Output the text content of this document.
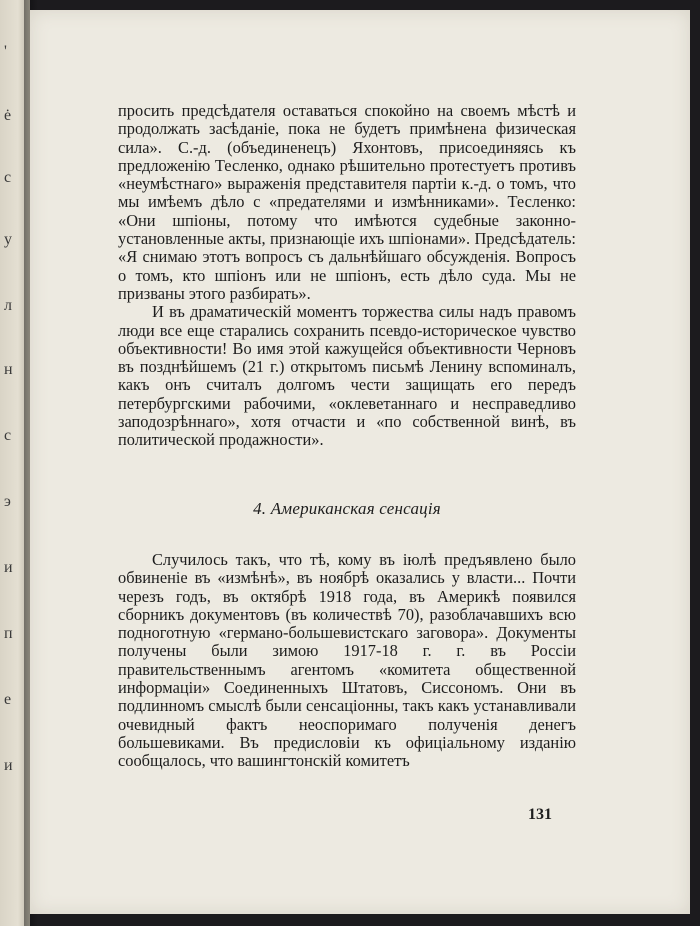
'
ė
с
у
л
н
с
э
и
п
е
и

просить предсѣдателя оставаться спокойно на своемъ мѣстѣ и продолжать засѣданіе, пока не будетъ примѣнена физическая сила». С.-д. (объединенецъ) Яхонтовъ, присоединяясь къ предложенію Тесленко, однако рѣшительно протестуетъ противъ «неумѣстнаго» выраженія представителя партіи к.-д. о томъ, что мы имѣемъ дѣло с «предателями и измѣнниками». Тесленко: «Они шпіоны, потому что имѣются судебные законно-установленные акты, признающіе ихъ шпіонами». Предсѣдатель: «Я снимаю этотъ вопросъ съ дальнѣйшаго обсужденія. Вопросъ о томъ, кто шпіонъ или не шпіонъ, есть дѣло суда. Мы не призваны этого разбирать».

И въ драматическій моментъ торжества силы надъ правомъ люди все еще старались сохранить псевдо-историческое чувство объективности! Во имя этой кажущейся объективности Черновъ въ позднѣйшемъ (21 г.) открытомъ письмѣ Ленину вспоминалъ, какъ онъ считалъ долгомъ чести защищать его передъ петербургскими рабочими, «оклеветаннаго и несправедливо заподозрѣннаго», хотя отчасти и «по собственной винѣ, въ политической продажности».

4. Американская сенсація

Случилось такъ, что тѣ, кому въ іюлѣ предъявлено было обвиненіе въ «измѣнѣ», въ ноябрѣ оказались у власти... Почти черезъ годъ, въ октябрѣ 1918 года, въ Америкѣ появился сборникъ документовъ (въ количествѣ 70), разоблачавшихъ всю подноготную «германо-большевистскаго заговора». Документы получены были зимою 1917-18 г. г. въ Россіи правительственнымъ агентомъ «комитета общественной информаціи» Соединенныхъ Штатовъ, Сиссономъ. Они въ подлинномъ смыслѣ были сенсаціонны, такъ какъ устанавливали очевидный фактъ неоспоримаго полученія денегъ большевиками. Въ предисловіи къ офиціальному изданію сообщалось, что вашингтонскій комитетъ

131
